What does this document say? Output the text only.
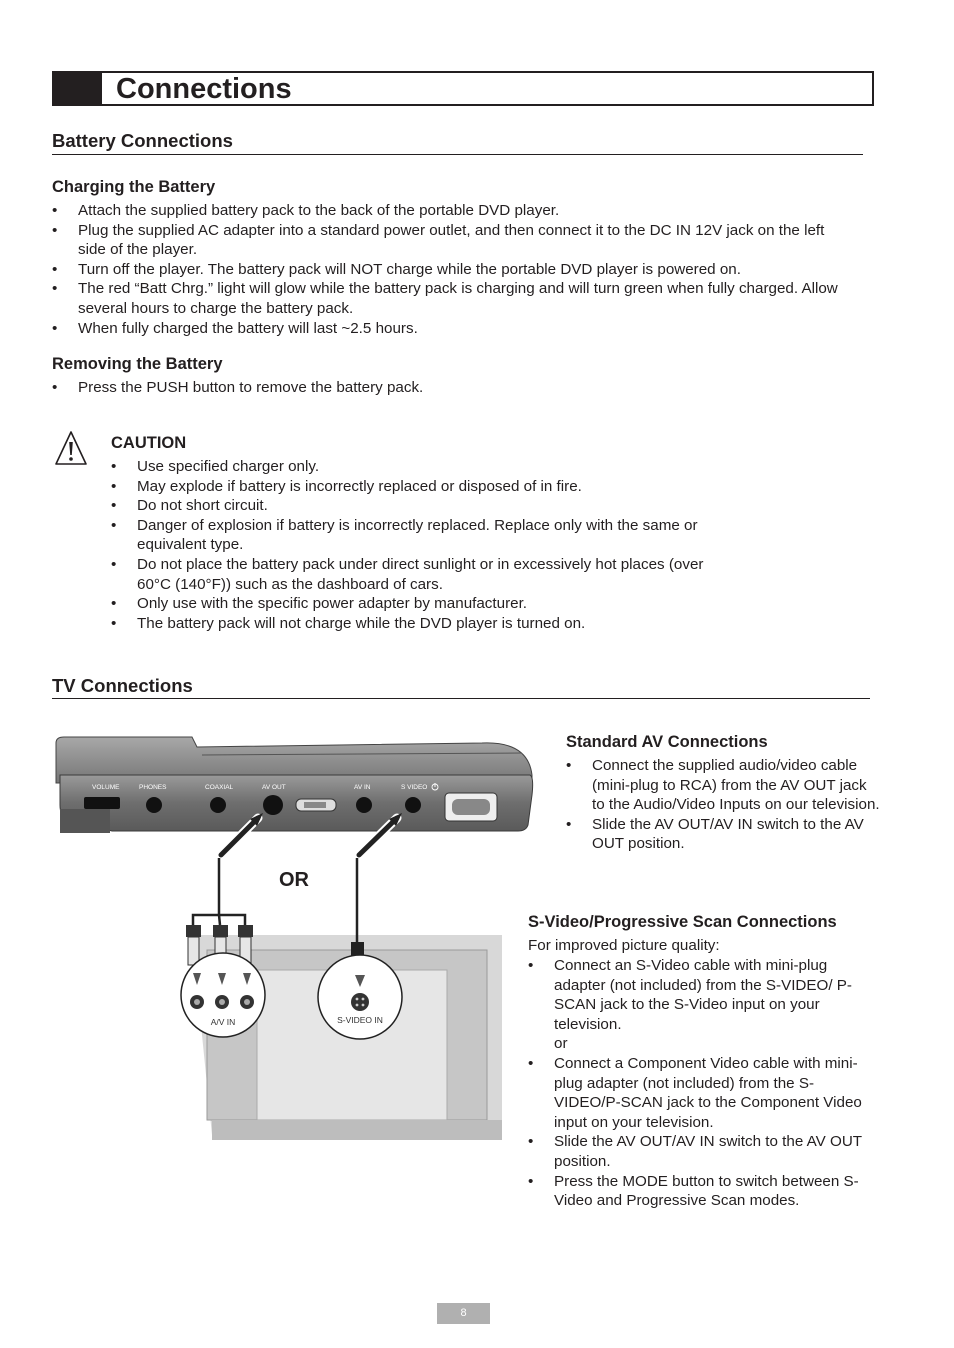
Connections
Battery Connections
Charging the Battery
• Attach the supplied battery pack to the back of the portable DVD player.
• Plug the supplied AC adapter into a standard power outlet, and then connect it to the DC IN 12V jack on the left side of the player.
• Turn off the player. The battery pack will NOT charge while the portable DVD player is powered on.
• The red “Batt Chrg.” light will glow while the battery pack is charging and will turn green when fully charged. Allow several hours to charge the battery pack.
• When fully charged the battery will last ~2.5 hours.
Removing the Battery
• Press the PUSH button to remove the battery pack.
CAUTION
• Use specified charger only.
• May explode if battery is incorrectly replaced or disposed of in fire.
• Do not short circuit.
• Danger of explosion if battery is incorrectly replaced. Replace only with the same or equivalent type.
• Do not place the battery pack under direct sunlight or in excessively hot places (over 60°C (140°F)) such as the dashboard of cars.
• Only use with the specific power adapter by manufacturer.
• The battery pack will not charge while the DVD player is turned on.
TV Connections
VOLUME	PHONES	COAXIAL	AV OUT	AV IN	S VIDEO
A/V IN	S-VIDEO IN
OR
Standard AV Connections
• Connect the supplied audio/video cable (mini-plug to RCA) from the AV OUT jack to the Audio/Video Inputs on our television.
• Slide the AV OUT/AV IN switch to the AV OUT position.
S-Video/Progressive Scan Connections
For improved picture quality:
• Connect an S-Video cable with mini-plug adapter (not included) from the S-VIDEO/ P-SCAN jack to the S-Video input on your television.
or
• Connect a Component Video cable with mini-plug adapter (not included) from the S-VIDEO/P-SCAN jack to the Component Video input on your television.
• Slide the AV OUT/AV IN switch to the AV OUT position.
• Press the MODE button to switch between S-Video and Progressive Scan modes.
8
